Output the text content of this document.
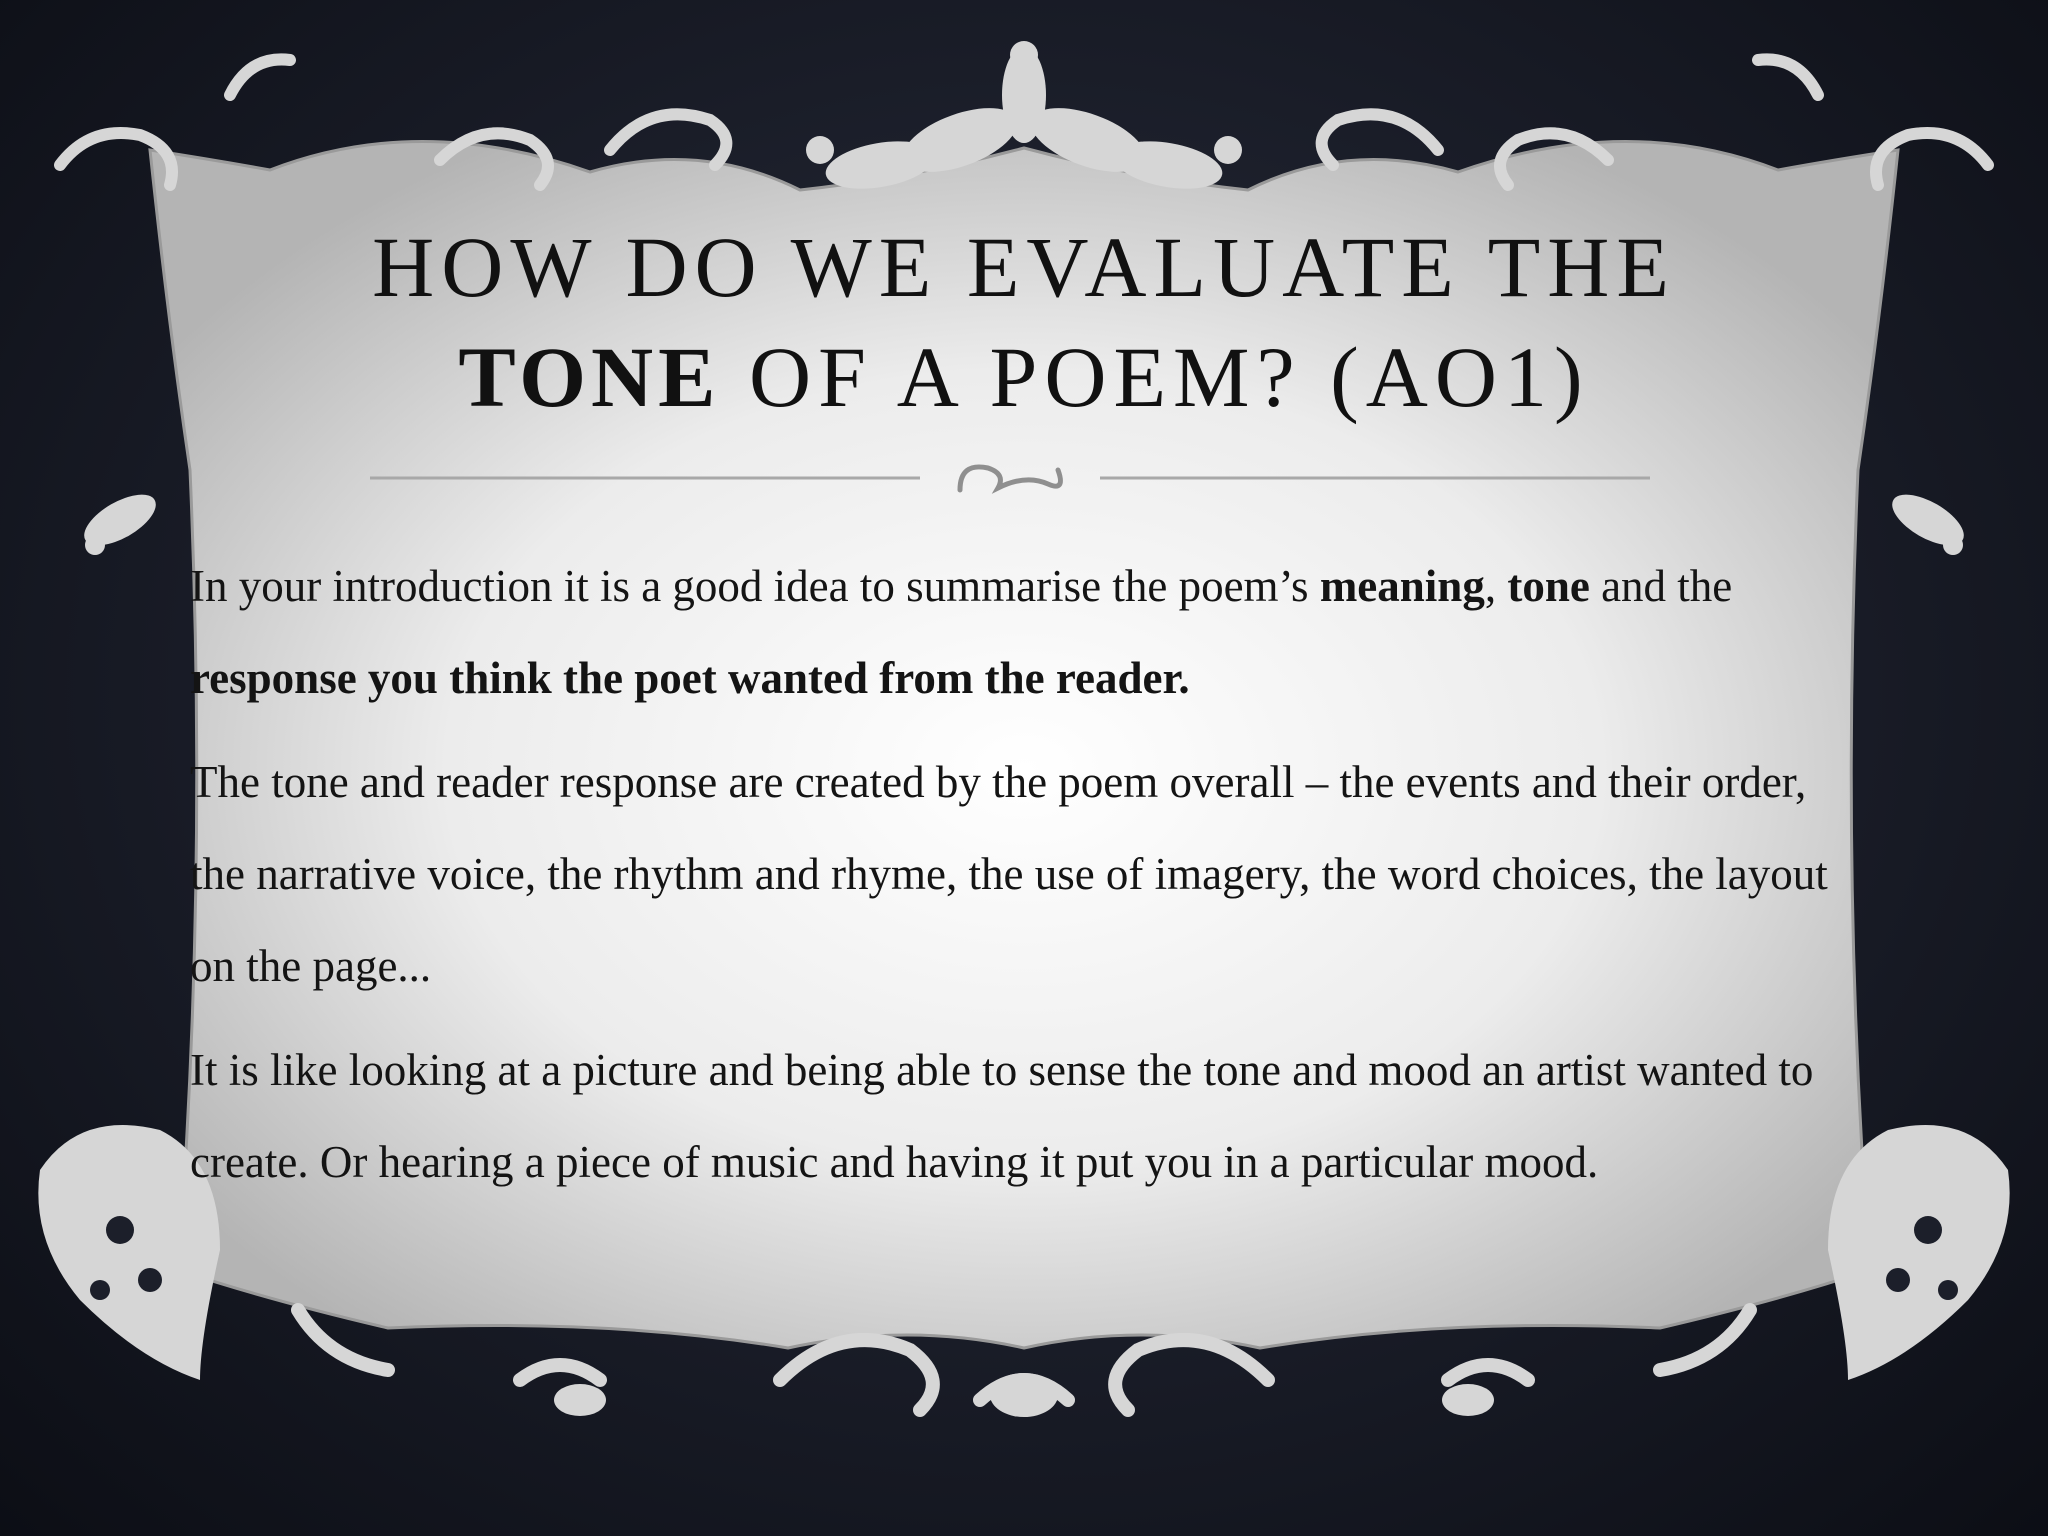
HOW DO WE EVALUATE THE
TONE OF A POEM? (AO1)

In your introduction it is a good idea to summarise the poem’s meaning, tone and the response you think the poet wanted from the reader.

The tone and reader response are created by the poem overall – the events and their order, the narrative voice, the rhythm and rhyme, the use of imagery, the word choices, the layout on the page...

It is like looking at a picture and being able to sense the tone and mood an artist wanted to create. Or hearing a piece of music and having it put you in a particular mood.
